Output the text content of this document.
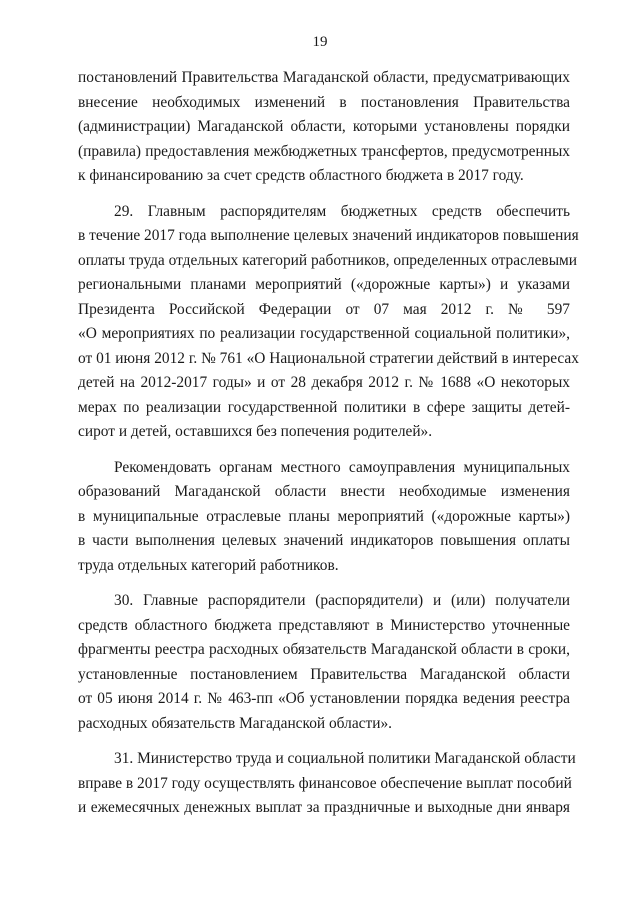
19
постановлений Правительства Магаданской области, предусматривающих
внесение необходимых изменений в постановления Правительства
(администрации) Магаданской области, которыми установлены порядки
(правила) предоставления межбюджетных трансфертов, предусмотренных
к финансированию за счет средств областного бюджета в 2017 году.
29. Главным распорядителям бюджетных средств обеспечить
в течение 2017 года выполнение целевых значений индикаторов повышения
оплаты труда отдельных категорий работников, определенных отраслевыми
региональными планами мероприятий («дорожные карты») и указами
Президента Российской Федерации от 07 мая 2012 г. № 597
«О мероприятиях по реализации государственной социальной политики»,
от 01 июня 2012 г. № 761 «О Национальной стратегии действий в интересах
детей на 2012-2017 годы» и от 28 декабря 2012 г. № 1688 «О некоторых
мерах по реализации государственной политики в сфере защиты детей-
сирот и детей, оставшихся без попечения родителей».
Рекомендовать органам местного самоуправления муниципальных
образований Магаданской области внести необходимые изменения
в муниципальные отраслевые планы мероприятий («дорожные карты»)
в части выполнения целевых значений индикаторов повышения оплаты
труда отдельных категорий работников.
30. Главные распорядители (распорядители) и (или) получатели
средств областного бюджета представляют в Министерство уточненные
фрагменты реестра расходных обязательств Магаданской области в сроки,
установленные постановлением Правительства Магаданской области
от 05 июня 2014 г. № 463-пп «Об установлении порядка ведения реестра
расходных обязательств Магаданской области».
31. Министерство труда и социальной политики Магаданской области
вправе в 2017 году осуществлять финансовое обеспечение выплат пособий
и ежемесячных денежных выплат за праздничные и выходные дни января
